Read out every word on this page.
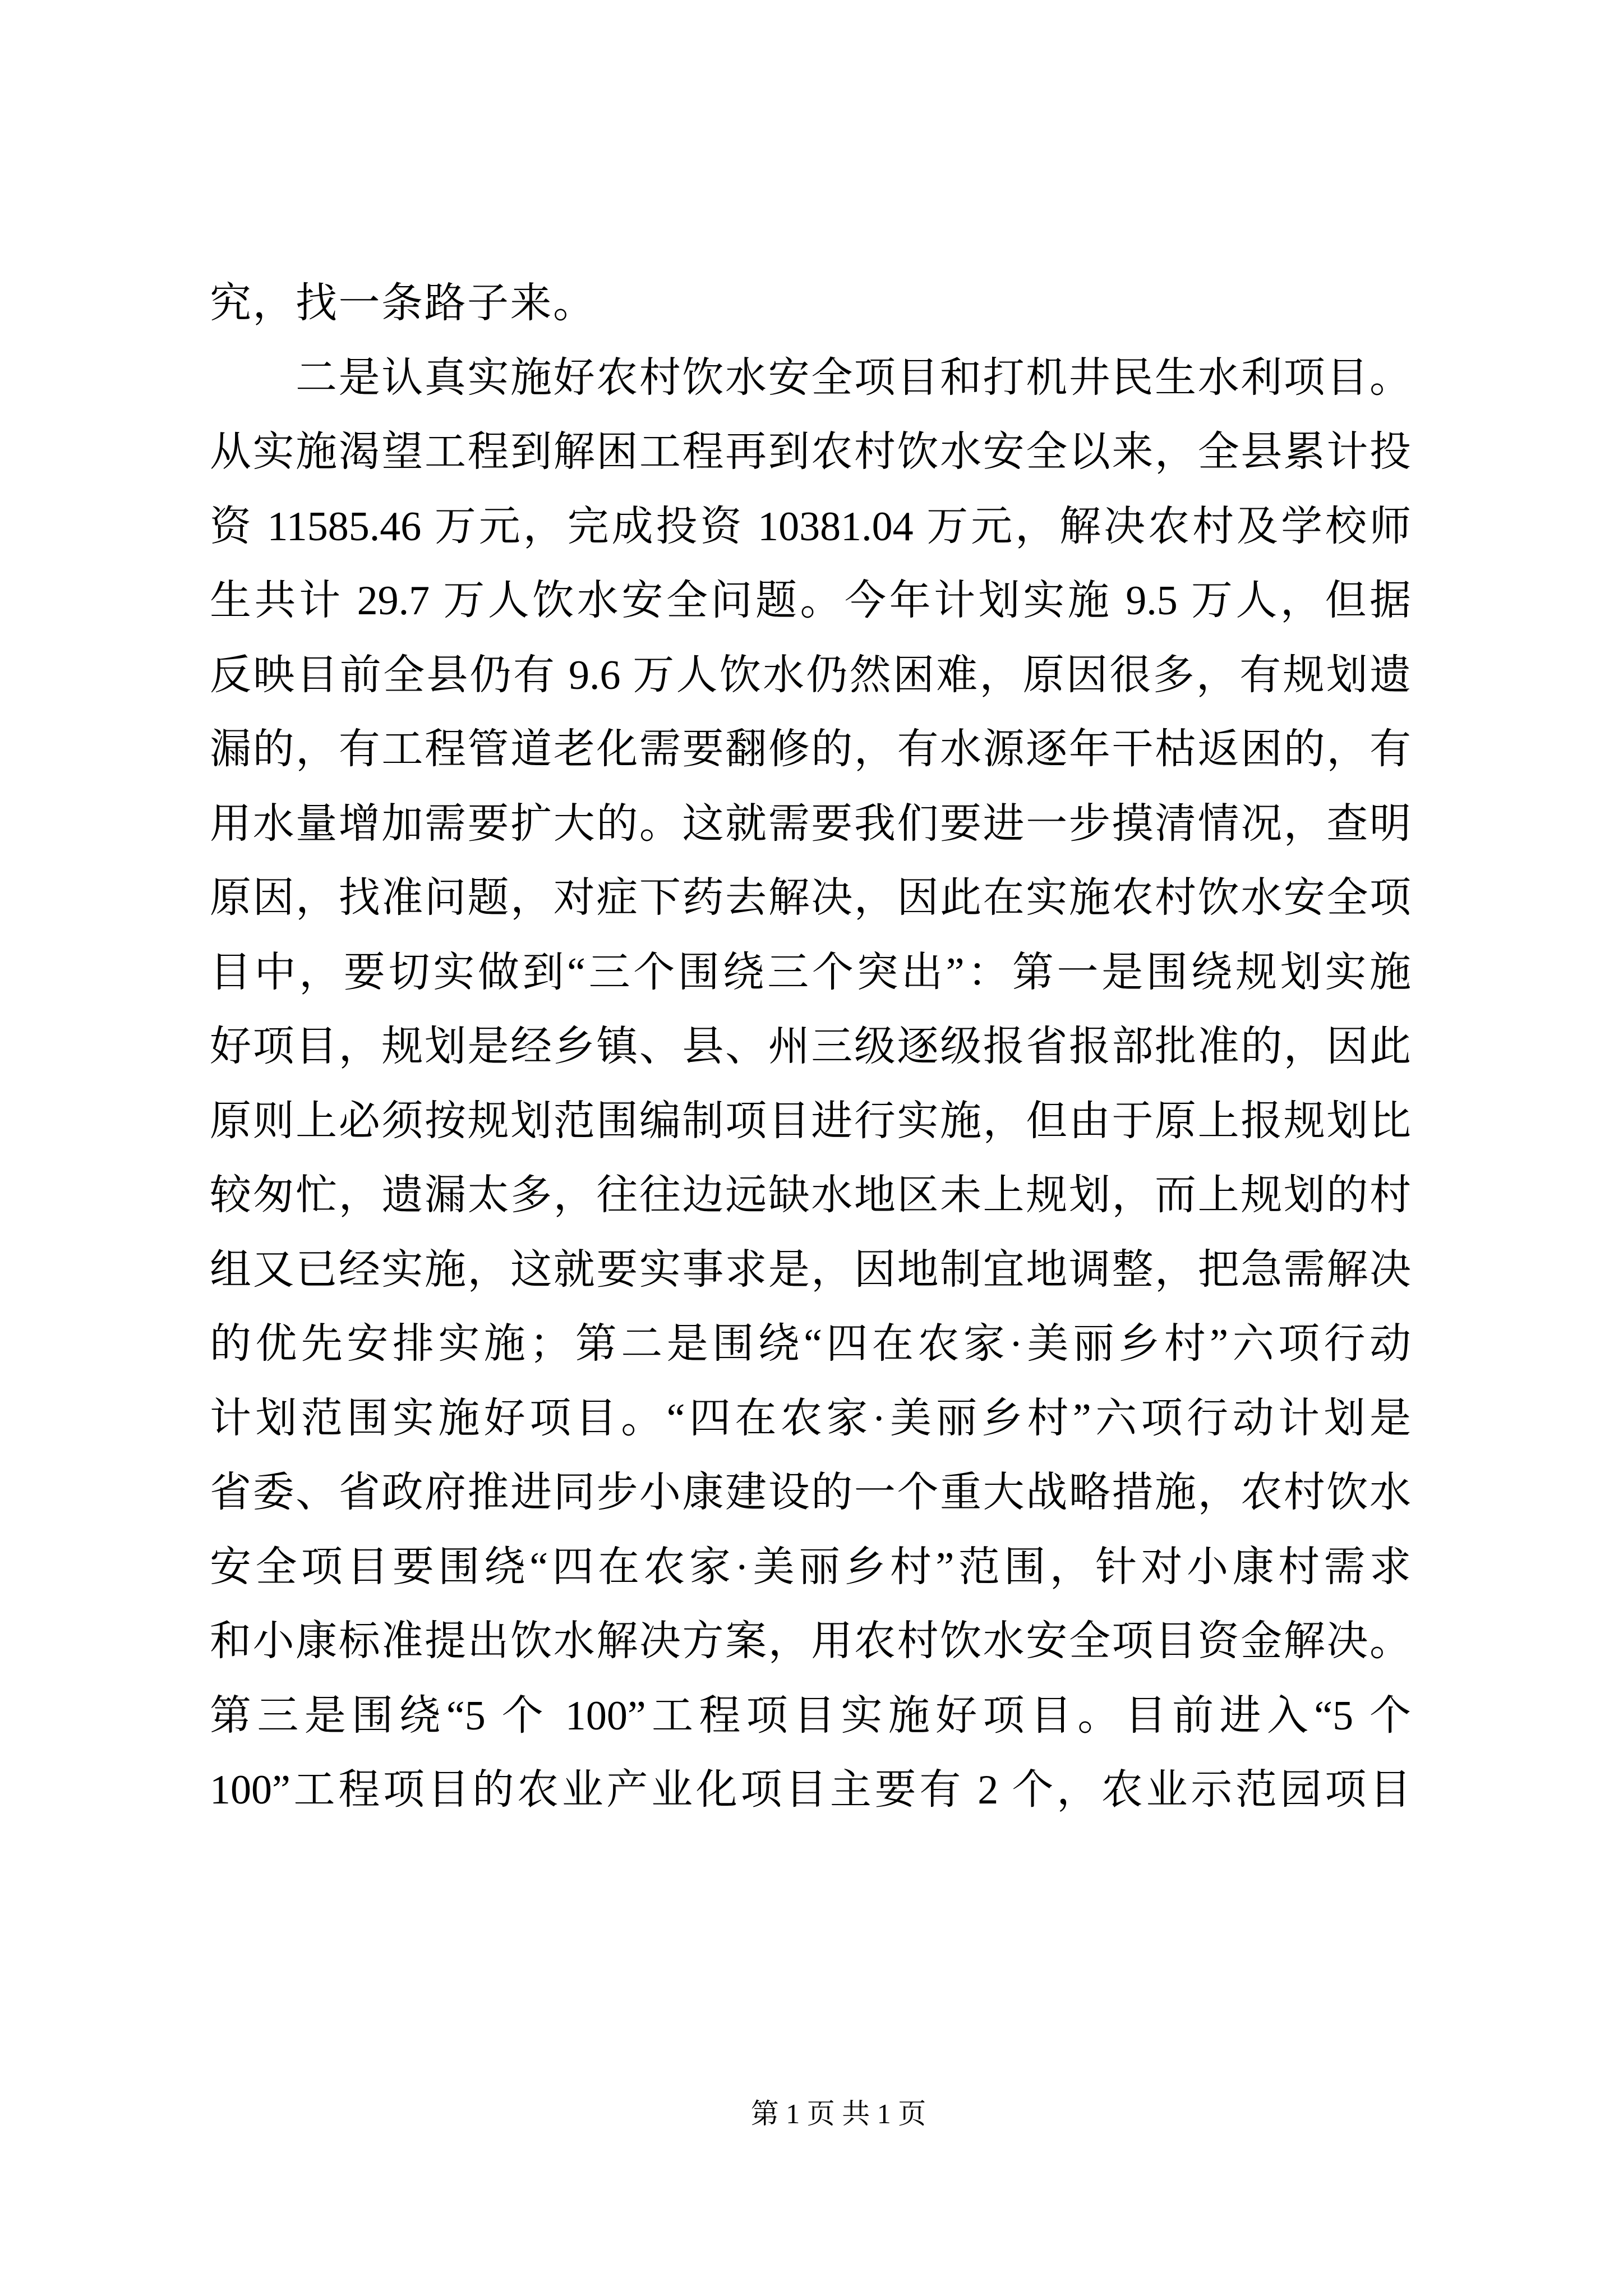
究，找一条路子来。
二是认真实施好农村饮水安全项目和打机井民生水利项目。
从实施渴望工程到解困工程再到农村饮水安全以来，全县累计投
资 11585.46 万元，完成投资 10381.04 万元，解决农村及学校师
生共计 29.7 万人饮水安全问题。今年计划实施 9.5 万人，但据
反映目前全县仍有 9.6 万人饮水仍然困难，原因很多，有规划遗
漏的，有工程管道老化需要翻修的，有水源逐年干枯返困的，有
用水量增加需要扩大的。这就需要我们要进一步摸清情况，查明
原因，找准问题，对症下药去解决，因此在实施农村饮水安全项
目中，要切实做到“三个围绕三个突出”：第一是围绕规划实施
好项目，规划是经乡镇、县、州三级逐级报省报部批准的，因此
原则上必须按规划范围编制项目进行实施，但由于原上报规划比
较匆忙，遗漏太多，往往边远缺水地区未上规划，而上规划的村
组又已经实施，这就要实事求是，因地制宜地调整，把急需解决
的优先安排实施；第二是围绕“四在农家·美丽乡村”六项行动
计划范围实施好项目。“四在农家·美丽乡村”六项行动计划是
省委、省政府推进同步小康建设的一个重大战略措施，农村饮水
安全项目要围绕“四在农家·美丽乡村”范围，针对小康村需求
和小康标准提出饮水解决方案，用农村饮水安全项目资金解决。
第三是围绕“5 个 100”工程项目实施好项目。目前进入“5 个
100”工程项目的农业产业化项目主要有 2 个，农业示范园项目
第 1 页 共 1 页
